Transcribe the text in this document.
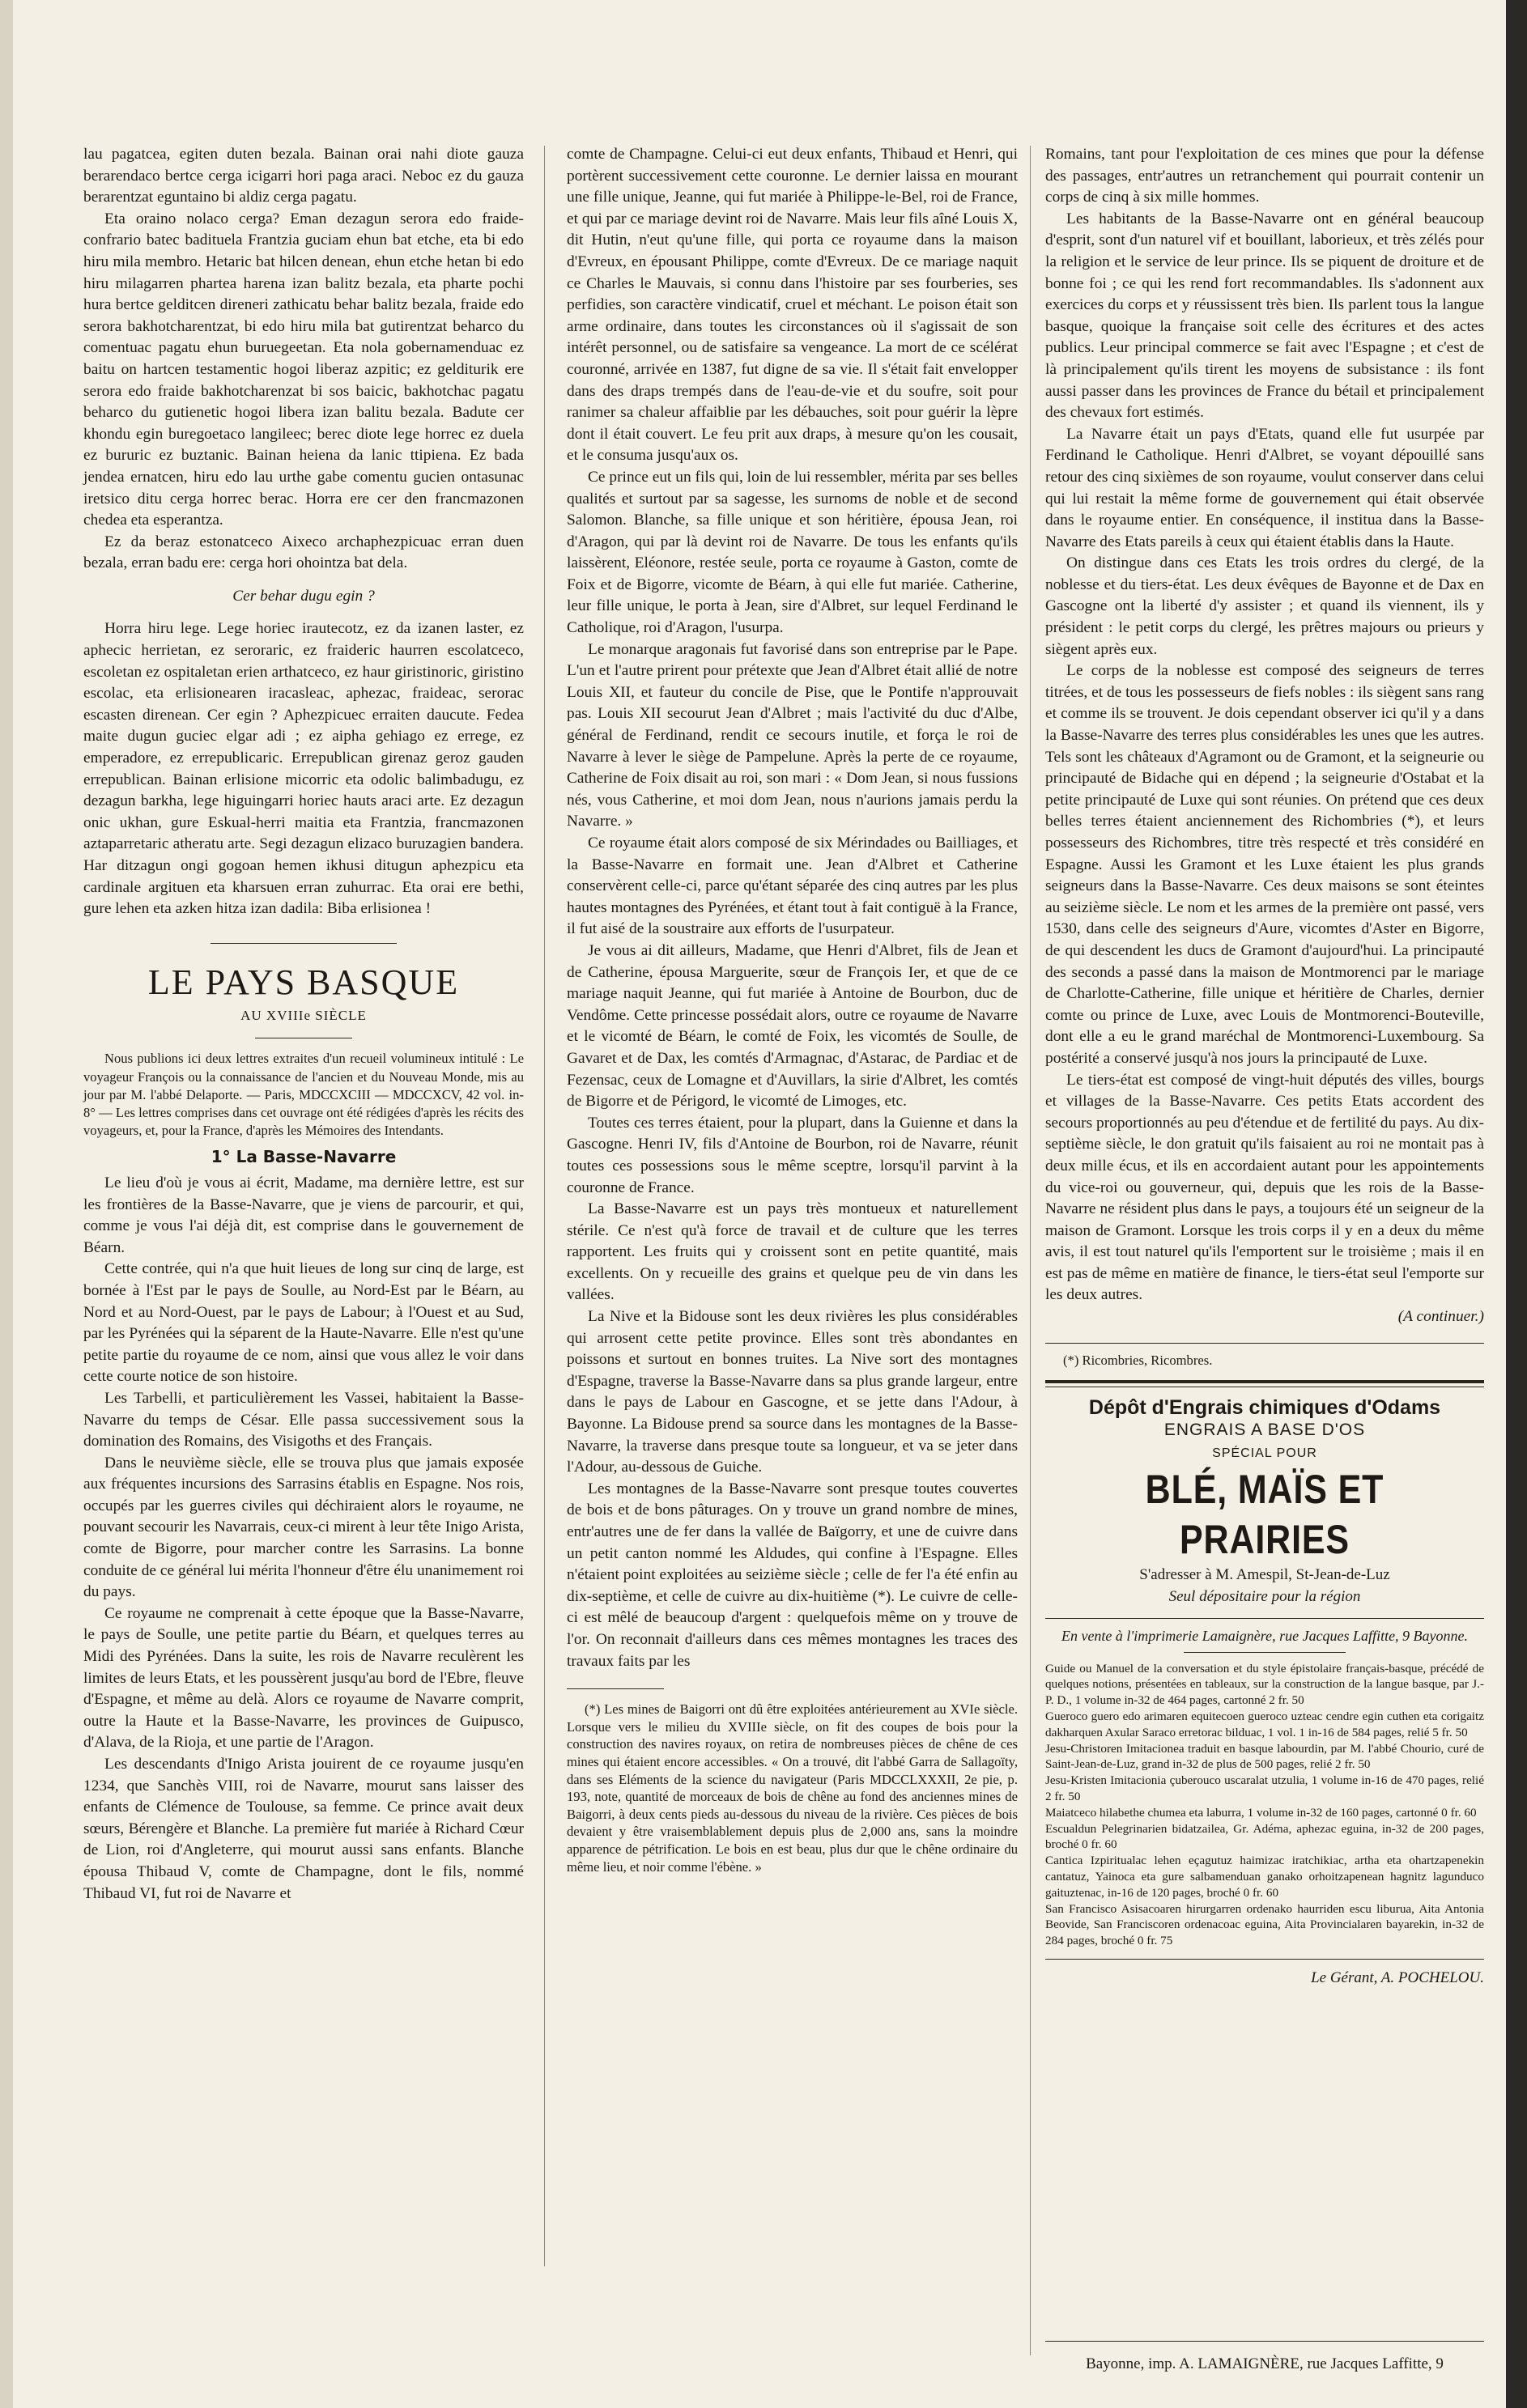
lau pagatcea, egiten duten bezala. Bainan orai nahi diote gauza berarendaco bertce cerga icigarri hori paga araci. Neboc ez du gauza berarentzat eguntaino bi aldiz cerga pagatu.

Eta oraino nolaco cerga? Eman dezagun serora edo fraide-confrario batec badituela Frantzia guciam ehun bat etche, eta bi edo hiru mila membro. Hetaric bat hilcen denean, ehun etche hetan bi edo hiru milagarren phartea harena izan balitz bezala, eta pharte pochi hura bertce gelditcen direneri zathicatu behar balitz bezala, fraide edo serora bakhotcharentzat, bi edo hiru mila bat gutirentzat beharco du comentuac pagatu ehun buruegeetan. Eta nola gobernamenduac ez baitu on hartcen testamentic hogoi liberaz azpitic; ez gelditurik ere serora edo fraide bakhotcharenzat bi sos baicic, bakhotchac pagatu beharco du gutienetic hogoi libera izan balitu bezala. Badute cer khondu egin buregoetaco langileec; berec diote lege horrec ez duela ez bururic ez buztanic. Bainan heiena da lanic ttipiena. Ez bada jendea ernatcen, hiru edo lau urthe gabe comentu gucien ontasunac iretsico ditu cerga horrec berac. Horra ere cer den francmazonen chedea eta esperantza.

Ez da beraz estonatceco Aixeco archaphezpicuac erran duen bezala, erran badu ere: cerga hori ohointza bat dela.

Cer behar dugu egin ?

Horra hiru lege. Lege horiec irautecotz, ez da izanen laster, ez aphecic herrietan, ez seroraric, ez fraideric haurren escolatceco, escoletan ez ospitaletan erien arthatceco, ez haur giristinoric, giristino escolac, eta erlisionearen iracasleac, aphezac, fraideac, serorac escasten direnean. Cer egin ? Aphezpicuec erraiten daucute. Fedea maite dugun guciec elgar adi ; ez aipha gehiago ez errege, ez emperadore, ez errepublicaric. Errepublican girenaz geroz gauden errepublican. Bainan erlisione micorric eta odolic balimbadugu, ez dezagun barkha, lege higuingarri horiec hauts araci arte. Ez dezagun onic ukhan, gure Eskual-herri maitia eta Frantzia, francmazonen aztaparretaric atheratu arte. Segi dezagun elizaco buruzagien bandera. Har ditzagun ongi gogoan hemen ikhusi ditugun aphezpicu eta cardinale argituen eta kharsuen erran zuhurrac. Eta orai ere bethi, gure lehen eta azken hitza izan dadila: Biba erlisionea !

LE PAYS BASQUE
AU XVIIIe SIÈCLE

Nous publions ici deux lettres extraites d'un recueil volumineux intitulé : Le voyageur François ou la connaissance de l'ancien et du Nouveau Monde, mis au jour par M. l'abbé Delaporte. — Paris, MDCCXCIII — MDCCXCV, 42 vol. in-8° — Les lettres comprises dans cet ouvrage ont été rédigées d'après les récits des voyageurs, et, pour la France, d'après les Mémoires des Intendants.

1° La Basse-Navarre

Le lieu d'où je vous ai écrit, Madame, ma dernière lettre, est sur les frontières de la Basse-Navarre, que je viens de parcourir, et qui, comme je vous l'ai déjà dit, est comprise dans le gouvernement de Béarn.

Cette contrée, qui n'a que huit lieues de long sur cinq de large, est bornée à l'Est par le pays de Soulle, au Nord-Est par le Béarn, au Nord et au Nord-Ouest, par le pays de Labour; à l'Ouest et au Sud, par les Pyrénées qui la séparent de la Haute-Navarre. Elle n'est qu'une petite partie du royaume de ce nom, ainsi que vous allez le voir dans cette courte notice de son histoire.

Les Tarbelli, et particulièrement les Vassei, habitaient la Basse-Navarre du temps de César. Elle passa successivement sous la domination des Romains, des Visigoths et des Français.

Dans le neuvième siècle, elle se trouva plus que jamais exposée aux fréquentes incursions des Sarrasins établis en Espagne. Nos rois, occupés par les guerres civiles qui déchiraient alors le royaume, ne pouvant secourir les Navarrais, ceux-ci mirent à leur tête Inigo Arista, comte de Bigorre, pour marcher contre les Sarrasins. La bonne conduite de ce général lui mérita l'honneur d'être élu unanimement roi du pays.

Ce royaume ne comprenait à cette époque que la Basse-Navarre, le pays de Soulle, une petite partie du Béarn, et quelques terres au Midi des Pyrénées. Dans la suite, les rois de Navarre reculèrent les limites de leurs Etats, et les poussèrent jusqu'au bord de l'Ebre, fleuve d'Espagne, et même au delà. Alors ce royaume de Navarre comprit, outre la Haute et la Basse-Navarre, les provinces de Guipusco, d'Alava, de la Rioja, et une partie de l'Aragon.

Les descendants d'Inigo Arista jouirent de ce royaume jusqu'en 1234, que Sanchès VIII, roi de Navarre, mourut sans laisser des enfants de Clémence de Toulouse, sa femme. Ce prince avait deux sœurs, Bérengère et Blanche. La première fut mariée à Richard Cœur de Lion, roi d'Angleterre, qui mourut aussi sans enfants. Blanche épousa Thibaud V, comte de Champagne, dont le fils, nommé Thibaud VI, fut roi de Navarre et

comte de Champagne. Celui-ci eut deux enfants, Thibaud et Henri, qui portèrent successivement cette couronne. Le dernier laissa en mourant une fille unique, Jeanne, qui fut mariée à Philippe-le-Bel, roi de France, et qui par ce mariage devint roi de Navarre. Mais leur fils aîné Louis X, dit Hutin, n'eut qu'une fille, qui porta ce royaume dans la maison d'Evreux, en épousant Philippe, comte d'Evreux. De ce mariage naquit ce Charles le Mauvais, si connu dans l'histoire par ses fourberies, ses perfidies, son caractère vindicatif, cruel et méchant. Le poison était son arme ordinaire, dans toutes les circonstances où il s'agissait de son intérêt personnel, ou de satisfaire sa vengeance. La mort de ce scélérat couronné, arrivée en 1387, fut digne de sa vie. Il s'était fait envelopper dans des draps trempés dans de l'eau-de-vie et du soufre, soit pour ranimer sa chaleur affaiblie par les débauches, soit pour guérir la lèpre dont il était couvert. Le feu prit aux draps, à mesure qu'on les cousait, et le consuma jusqu'aux os.

Ce prince eut un fils qui, loin de lui ressembler, mérita par ses belles qualités et surtout par sa sagesse, les surnoms de noble et de second Salomon. Blanche, sa fille unique et son héritière, épousa Jean, roi d'Aragon, qui par là devint roi de Navarre. De tous les enfants qu'ils laissèrent, Eléonore, restée seule, porta ce royaume à Gaston, comte de Foix et de Bigorre, vicomte de Béarn, à qui elle fut mariée. Catherine, leur fille unique, le porta à Jean, sire d'Albret, sur lequel Ferdinand le Catholique, roi d'Aragon, l'usurpa.

Le monarque aragonais fut favorisé dans son entreprise par le Pape. L'un et l'autre prirent pour prétexte que Jean d'Albret était allié de notre Louis XII, et fauteur du concile de Pise, que le Pontife n'approuvait pas. Louis XII secourut Jean d'Albret ; mais l'activité du duc d'Albe, général de Ferdinand, rendit ce secours inutile, et força le roi de Navarre à lever le siège de Pampelune. Après la perte de ce royaume, Catherine de Foix disait au roi, son mari : « Dom Jean, si nous fussions nés, vous Catherine, et moi dom Jean, nous n'aurions jamais perdu la Navarre. »

Ce royaume était alors composé de six Mérindades ou Bailliages, et la Basse-Navarre en formait une. Jean d'Albret et Catherine conservèrent celle-ci, parce qu'étant séparée des cinq autres par les plus hautes montagnes des Pyrénées, et étant tout à fait contiguë à la France, il fut aisé de la soustraire aux efforts de l'usurpateur.

Je vous ai dit ailleurs, Madame, que Henri d'Albret, fils de Jean et de Catherine, épousa Marguerite, sœur de François Ier, et que de ce mariage naquit Jeanne, qui fut mariée à Antoine de Bourbon, duc de Vendôme. Cette princesse possédait alors, outre ce royaume de Navarre et le vicomté de Béarn, le comté de Foix, les vicomtés de Soulle, de Gavaret et de Dax, les comtés d'Armagnac, d'Astarac, de Pardiac et de Fezensac, ceux de Lomagne et d'Auvillars, la sirie d'Albret, les comtés de Bigorre et de Périgord, le vicomté de Limoges, etc.

Toutes ces terres étaient, pour la plupart, dans la Guienne et dans la Gascogne. Henri IV, fils d'Antoine de Bourbon, roi de Navarre, réunit toutes ces possessions sous le même sceptre, lorsqu'il parvint à la couronne de France.

La Basse-Navarre est un pays très montueux et naturellement stérile. Ce n'est qu'à force de travail et de culture que les terres rapportent. Les fruits qui y croissent sont en petite quantité, mais excellents. On y recueille des grains et quelque peu de vin dans les vallées.

La Nive et la Bidouse sont les deux rivières les plus considérables qui arrosent cette petite province. Elles sont très abondantes en poissons et surtout en bonnes truites. La Nive sort des montagnes d'Espagne, traverse la Basse-Navarre dans sa plus grande largeur, entre dans le pays de Labour en Gascogne, et se jette dans l'Adour, à Bayonne. La Bidouse prend sa source dans les montagnes de la Basse-Navarre, la traverse dans presque toute sa longueur, et va se jeter dans l'Adour, au-dessous de Guiche.

Les montagnes de la Basse-Navarre sont presque toutes couvertes de bois et de bons pâturages. On y trouve un grand nombre de mines, entr'autres une de fer dans la vallée de Baïgorry, et une de cuivre dans un petit canton nommé les Aldudes, qui confine à l'Espagne. Elles n'étaient point exploitées au seizième siècle ; celle de fer l'a été enfin au dix-septième, et celle de cuivre au dix-huitième (*). Le cuivre de celle-ci est mêlé de beaucoup d'argent : quelquefois même on y trouve de l'or. On reconnait d'ailleurs dans ces mêmes montagnes les traces des travaux faits par les

(*) Les mines de Baigorri ont dû être exploitées antérieurement au XVIe siècle. Lorsque vers le milieu du XVIIIe siècle, on fit des coupes de bois pour la construction des navires royaux, on retira de nombreuses pièces de chêne de ces mines qui étaient encore accessibles. « On a trouvé, dit l'abbé Garra de Sallagoïty, dans ses Eléments de la science du navigateur (Paris MDCCLXXXII, 2e pie, p. 193, note, quantité de morceaux de bois de chêne au fond des anciennes mines de Baigorri, à deux cents pieds au-dessous du niveau de la rivière. Ces pièces de bois devaient y être vraisemblablement depuis plus de 2,000 ans, sans la moindre apparence de pétrification. Le bois en est beau, plus dur que le chêne ordinaire du même lieu, et noir comme l'ébène. »

Romains, tant pour l'exploitation de ces mines que pour la défense des passages, entr'autres un retranchement qui pourrait contenir un corps de cinq à six mille hommes.

Les habitants de la Basse-Navarre ont en général beaucoup d'esprit, sont d'un naturel vif et bouillant, laborieux, et très zélés pour la religion et le service de leur prince. Ils se piquent de droiture et de bonne foi ; ce qui les rend fort recommandables. Ils s'adonnent aux exercices du corps et y réussissent très bien. Ils parlent tous la langue basque, quoique la française soit celle des écritures et des actes publics. Leur principal commerce se fait avec l'Espagne ; et c'est de là principalement qu'ils tirent les moyens de subsistance : ils font aussi passer dans les provinces de France du bétail et principalement des chevaux fort estimés.

La Navarre était un pays d'Etats, quand elle fut usurpée par Ferdinand le Catholique. Henri d'Albret, se voyant dépouillé sans retour des cinq sixièmes de son royaume, voulut conserver dans celui qui lui restait la même forme de gouvernement qui était observée dans le royaume entier. En conséquence, il institua dans la Basse-Navarre des Etats pareils à ceux qui étaient établis dans la Haute.

On distingue dans ces Etats les trois ordres du clergé, de la noblesse et du tiers-état. Les deux évêques de Bayonne et de Dax en Gascogne ont la liberté d'y assister ; et quand ils viennent, ils y président : le petit corps du clergé, les prêtres majours ou prieurs y siègent après eux.

Le corps de la noblesse est composé des seigneurs de terres titrées, et de tous les possesseurs de fiefs nobles : ils siègent sans rang et comme ils se trouvent. Je dois cependant observer ici qu'il y a dans la Basse-Navarre des terres plus considérables les unes que les autres. Tels sont les châteaux d'Agramont ou de Gramont, et la seigneurie ou principauté de Bidache qui en dépend ; la seigneurie d'Ostabat et la petite principauté de Luxe qui sont réunies. On prétend que ces deux belles terres étaient anciennement des Richombries (*), et leurs possesseurs des Richombres, titre très respecté et très considéré en Espagne. Aussi les Gramont et les Luxe étaient les plus grands seigneurs dans la Basse-Navarre. Ces deux maisons se sont éteintes au seizième siècle. Le nom et les armes de la première ont passé, vers 1530, dans celle des seigneurs d'Aure, vicomtes d'Aster en Bigorre, de qui descendent les ducs de Gramont d'aujourd'hui. La principauté des seconds a passé dans la maison de Montmorenci par le mariage de Charlotte-Catherine, fille unique et héritière de Charles, dernier comte ou prince de Luxe, avec Louis de Montmorenci-Bouteville, dont elle a eu le grand maréchal de Montmorenci-Luxembourg. Sa postérité a conservé jusqu'à nos jours la principauté de Luxe.

Le tiers-état est composé de vingt-huit députés des villes, bourgs et villages de la Basse-Navarre. Ces petits Etats accordent des secours proportionnés au peu d'étendue et de fertilité du pays. Au dix-septième siècle, le don gratuit qu'ils faisaient au roi ne montait pas à deux mille écus, et ils en accordaient autant pour les appointements du vice-roi ou gouverneur, qui, depuis que les rois de la Basse-Navarre ne résident plus dans le pays, a toujours été un seigneur de la maison de Gramont. Lorsque les trois corps il y en a deux du même avis, il est tout naturel qu'ils l'emportent sur le troisième ; mais il en est pas de même en matière de finance, le tiers-état seul l'emporte sur les deux autres.

(A continuer.)

(*) Ricombries, Ricombres.

Dépôt d'Engrais chimiques d'Odams
ENGRAIS A BASE D'OS
SPÉCIAL POUR
BLÉ, MAÏS ET PRAIRIES
S'adresser à M. Amespil, St-Jean-de-Luz
Seul dépositaire pour la région
En vente à l'imprimerie Lamaignère, rue Jacques Laffitte, 9 Bayonne.

Guide ou Manuel de la conversation et du style épistolaire français-basque, précédé de quelques notions, présentées en tableaux, sur la construction de la langue basque, par J.-P. D., 1 volume in-32 de 464 pages, cartonné 2 fr. 50

Gueroco guero edo arimaren equitecoen gueroco uzteac cendre egin cuthen eta corigaitz dakharquen Axular Saraco erretorac bilduac, 1 vol. 1 in-16 de 584 pages, relié 5 fr. 50

Jesu-Christoren Imitacionea traduit en basque labourdin, par M. l'abbé Chourio, curé de Saint-Jean-de-Luz, grand in-32 de plus de 500 pages, relié 2 fr. 50

Jesu-Kristen Imitacionia çuberouco uscaralat utzulia, 1 volume in-16 de 470 pages, relié 2 fr. 50

Maiatceco hilabethe chumea eta laburra, 1 volume in-32 de 160 pages, cartonné 0 fr. 60

Escualdun Pelegrinarien bidatzailea, Gr. Adéma, aphezac eguina, in-32 de 200 pages, broché 0 fr. 60

Cantica Izpiritualac lehen eçagutuz haimizac iratchikiac, artha eta ohartzapenekin cantatuz, Yainoca eta gure salbamenduan ganako orhoitzapenean hagnitz lagunduco gaituztenac, in-16 de 120 pages, broché 0 fr. 60

San Francisco Asisacoaren hirurgarren ordenako haurriden escu liburua, Aita Antonia Beovide, San Franciscoren ordenacoac eguina, Aita Provincialaren bayarekin, in-32 de 284 pages, broché 0 fr. 75

Le Gérant, A. POCHELOU.
Bayonne, imp. A. LAMAIGNÈRE, rue Jacques Laffitte, 9
